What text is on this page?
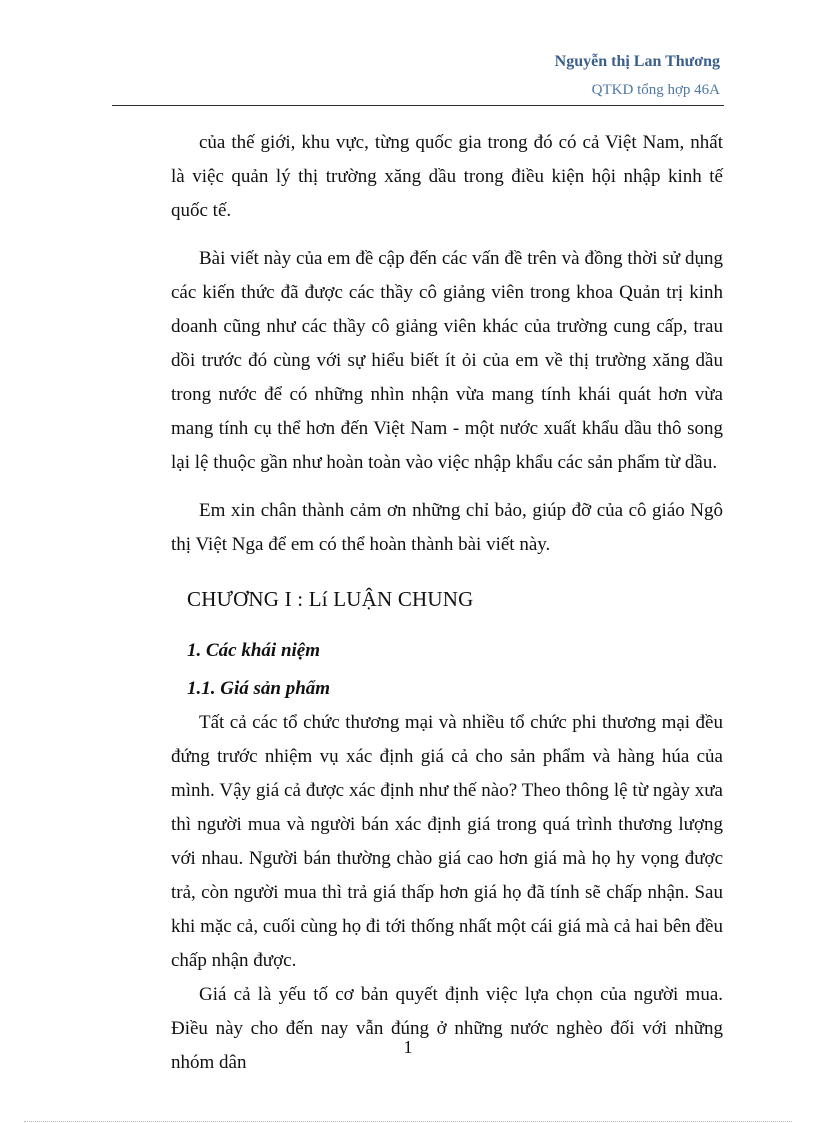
Nguyễn thị Lan Thương
QTKD tổng hợp 46A

của thế giới, khu vực, từng quốc gia trong đó có cả Việt Nam, nhất là việc quản lý thị trường xăng dầu trong điều kiện hội nhập kinh tế quốc tế.

Bài viết này của em đề cập đến các vấn đề trên và đồng thời sử dụng các kiến thức đã được các thầy cô giảng viên trong khoa Quản trị kinh doanh cũng như các thầy cô giảng viên khác của trường cung cấp, trau dồi trước đó cùng với sự hiểu biết ít ỏi của em về thị trường xăng dầu trong nước để có những nhìn nhận vừa mang tính khái quát hơn vừa mang tính cụ thể hơn đến Việt Nam - một nước xuất khẩu dầu thô song lại lệ thuộc gần như hoàn toàn vào việc nhập khẩu các sản phẩm từ dầu.

Em xin chân thành cảm ơn những chỉ bảo, giúp đỡ của cô giáo Ngô thị Việt Nga để em có thể hoàn thành bài viết này.

CHƯƠNG I : Lí LUẬN CHUNG
1. Các khái niệm
1.1. Giá sản phẩm

Tất cả các tổ chức thương mại và nhiều tổ chức phi thương mại đều đứng trước nhiệm vụ xác định giá cả cho sản phẩm và hàng húa của mình. Vậy giá cả được xác định như thế nào? Theo thông lệ từ ngày xưa thì người mua và người bán xác định giá trong quá trình thương lượng với nhau. Người bán thường chào giá cao hơn giá mà họ hy vọng được trả, còn người mua thì trả giá thấp hơn giá họ đã tính sẽ chấp nhận. Sau khi mặc cả, cuối cùng họ đi tới thống nhất một cái giá mà cả hai bên đều chấp nhận được.

Giá cả là yếu tố cơ bản quyết định việc lựa chọn của người mua. Điều này cho đến nay vẫn đúng ở những nước nghèo đối với những nhóm dân

1
